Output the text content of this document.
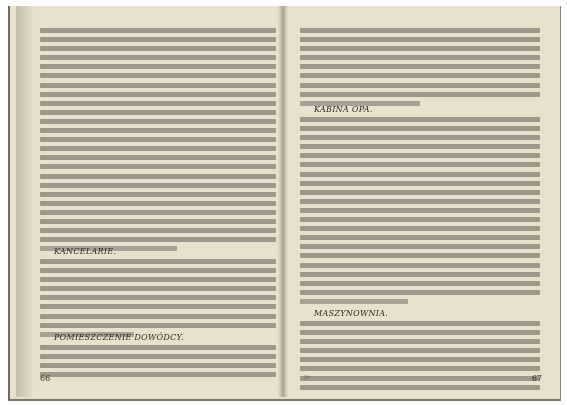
KANCELARIE.
POMIESZCZENIE DOWÓDCY.
66
KABINA OPA.
MASZYNOWNIA.
5*	67
